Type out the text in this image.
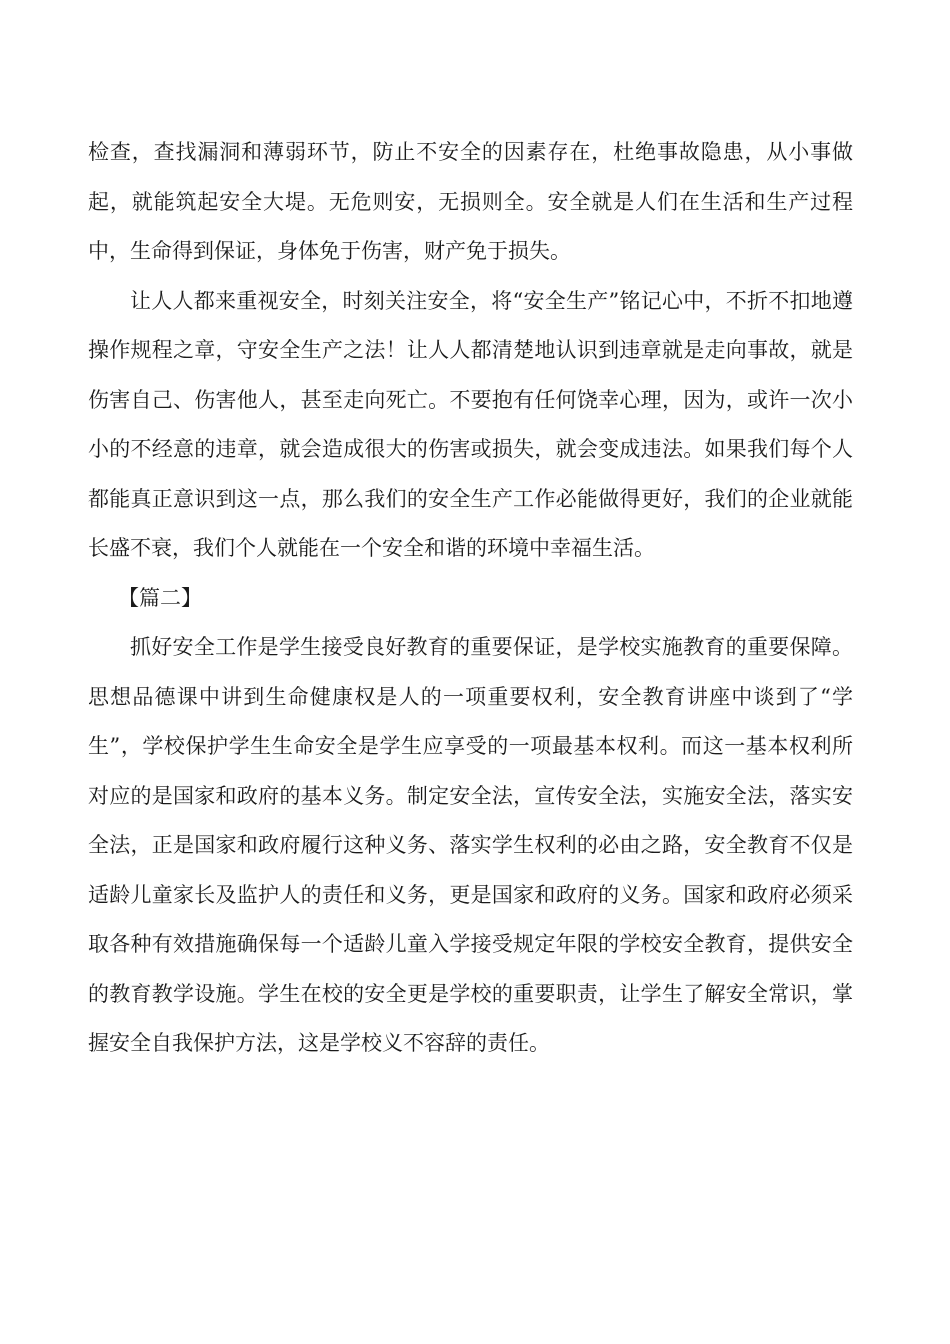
检查，查找漏洞和薄弱环节，防止不安全的因素存在，杜绝事故隐患，从小事做起，就能筑起安全大堤。无危则安，无损则全。安全就是人们在生活和生产过程中，生命得到保证，身体免于伤害，财产免于损失。

让人人都来重视安全，时刻关注安全，将“安全生产”铭记心中，不折不扣地遵操作规程之章，守安全生产之法！让人人都清楚地认识到违章就是走向事故，就是伤害自己、伤害他人，甚至走向死亡。不要抱有任何饶幸心理，因为，或许一次小小的不经意的违章，就会造成很大的伤害或损失，就会变成违法。如果我们每个人都能真正意识到这一点，那么我们的安全生产工作必能做得更好，我们的企业就能长盛不衰，我们个人就能在一个安全和谐的环境中幸福生活。

【篇二】

抓好安全工作是学生接受良好教育的重要保证，是学校实施教育的重要保障。思想品德课中讲到生命健康权是人的一项重要权利，安全教育讲座中谈到了“学生”，学校保护学生生命安全是学生应享受的一项最基本权利。而这一基本权利所对应的是国家和政府的基本义务。制定安全法，宣传安全法，实施安全法，落实安全法，正是国家和政府履行这种义务、落实学生权利的必由之路，安全教育不仅是适龄儿童家长及监护人的责任和义务，更是国家和政府的义务。国家和政府必须采取各种有效措施确保每一个适龄儿童入学接受规定年限的学校安全教育，提供安全的教育教学设施。学生在校的安全更是学校的重要职责，让学生了解安全常识，掌握安全自我保护方法，这是学校义不容辞的责任。
